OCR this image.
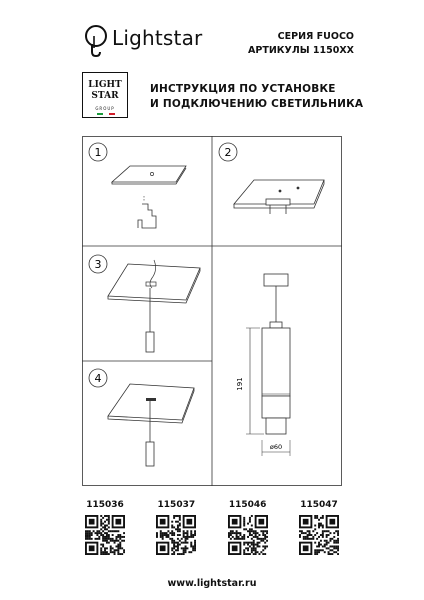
Lightstar	СЕРИЯ FUOCO
АРТИКУЛЫ 1150XX
LIGHT
STAR
GROUP
ИНСТРУКЦИЯ ПО УСТАНОВКЕ
И ПОДКЛЮЧЕНИЮ СВЕТИЛЬНИКА
1	2
3
4	191
ø60
115036	115037	115046	115047
www.lightstar.ru
